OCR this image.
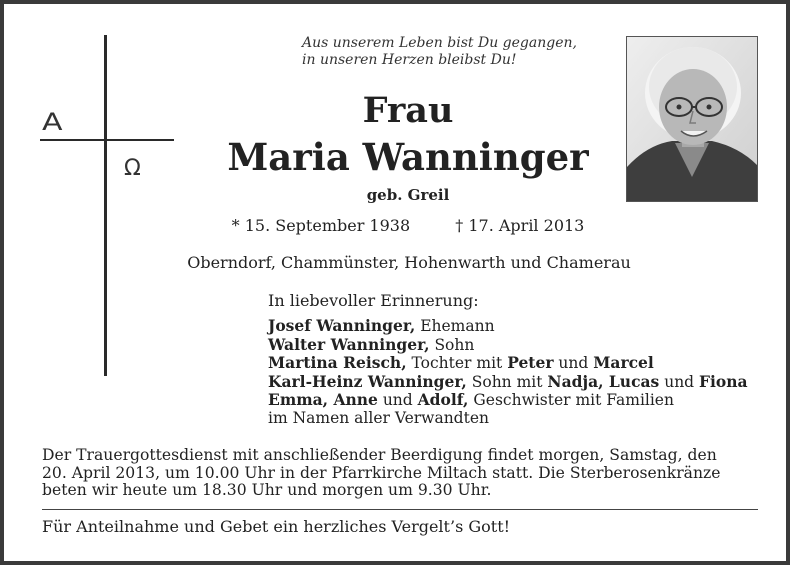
A
Ω
Aus unserem Leben bist Du gegangen,
in unseren Herzen bleibst Du!
Frau
Maria Wanninger
geb. Greil
* 15. September 1938	† 17. April 2013
Oberndorf, Chammünster, Hohenwarth und Chamerau
In liebevoller Erinnerung:
Josef Wanninger, Ehemann
Walter Wanninger, Sohn
Martina Reisch, Tochter mit Peter und Marcel
Karl-Heinz Wanninger, Sohn mit Nadja, Lucas und Fiona
Emma, Anne und Adolf, Geschwister mit Familien
im Namen aller Verwandten
Der Trauergottesdienst mit anschließender Beerdigung findet morgen, Samstag, den
20. April 2013, um 10.00 Uhr in der Pfarrkirche Miltach statt. Die Sterberosenkränze
beten wir heute um 18.30 Uhr und morgen um 9.30 Uhr.
Für Anteilnahme und Gebet ein herzliches Vergelt’s Gott!
